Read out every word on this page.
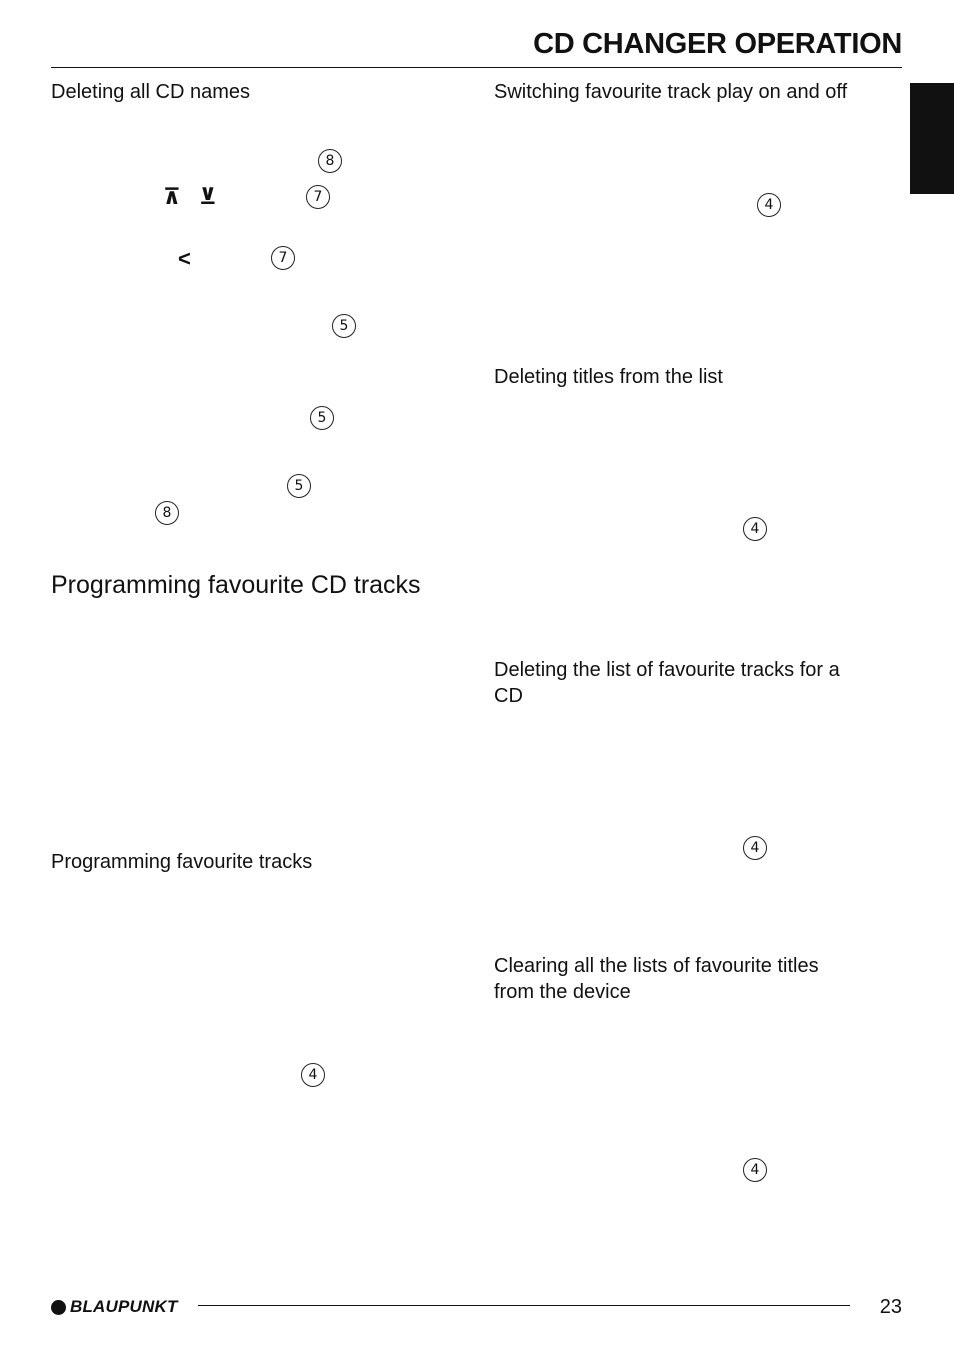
CD CHANGER OPERATION
Deleting all CD names
8
⊼ ⊻	7
<	7
5
5
5
8
Programming favourite CD tracks
Programming favourite tracks
4
Switching favourite track play on and off
4
Deleting titles from the list
4
Deleting the list of favourite tracks for a
CD
4
Clearing all the lists of favourite titles
from the device
4
BLAUPUNKT	23
